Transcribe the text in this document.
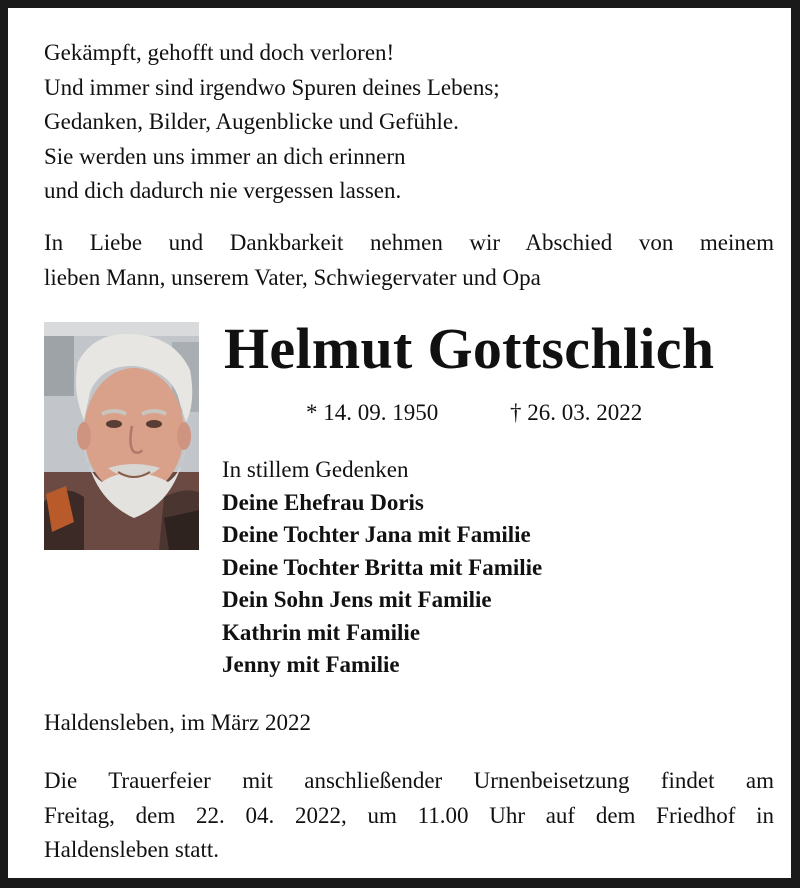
Gekämpft, gehofft und doch verloren!
Und immer sind irgendwo Spuren deines Lebens;
Gedanken, Bilder, Augenblicke und Gefühle.
Sie werden uns immer an dich erinnern
und dich dadurch nie vergessen lassen.
In Liebe und Dankbarkeit nehmen wir Abschied von meinem
lieben Mann, unserem Vater, Schwiegervater und Opa
Helmut Gottschlich
* 14. 09. 1950	† 26. 03. 2022
In stillem Gedenken
Deine Ehefrau Doris
Deine Tochter Jana mit Familie
Deine Tochter Britta mit Familie
Dein Sohn Jens mit Familie
Kathrin mit Familie
Jenny mit Familie
Haldensleben, im März 2022
Die Trauerfeier mit anschließender Urnenbeisetzung findet am
Freitag, dem 22. 04. 2022, um 11.00 Uhr auf dem Friedhof in
Haldensleben statt.
